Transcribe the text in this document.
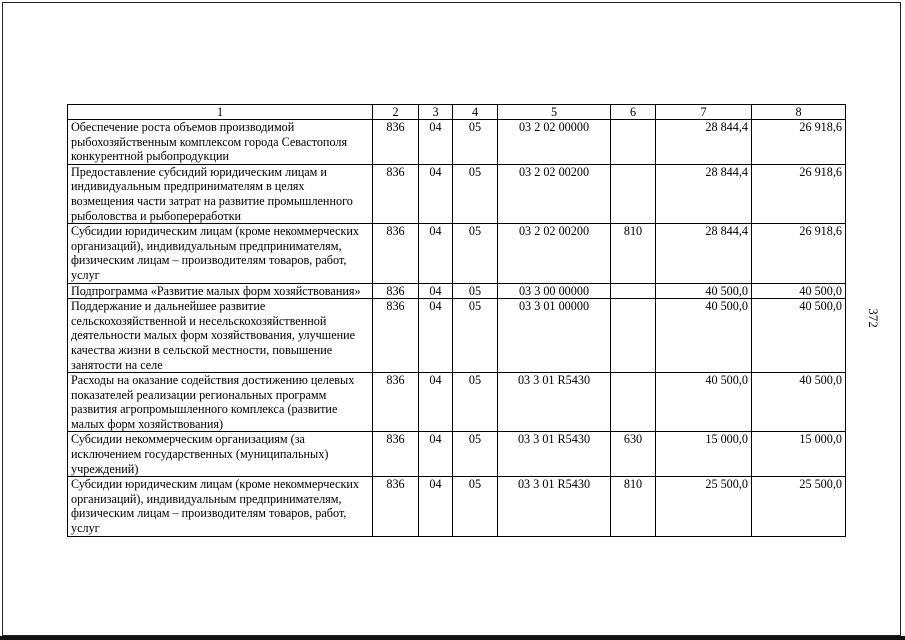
372
1	2	3	4	5	6	7	8
Обеспечение роста объемов производимой рыбохозяйственным комплексом города Севастополя конкурентной рыбопродукции	836	04	05	03 2 02 00000		28 844,4	26 918,6
Предоставление субсидий юридическим лицам и индивидуальным предпринимателям в целях возмещения части затрат на развитие промышленного рыболовства и рыбопереработки	836	04	05	03 2 02 00200		28 844,4	26 918,6
Субсидии юридическим лицам (кроме некоммерческих организаций), индивидуальным предпринимателям, физическим лицам – производителям товаров, работ, услуг	836	04	05	03 2 02 00200	810	28 844,4	26 918,6
Подпрограмма «Развитие малых форм хозяйствования»	836	04	05	03 3 00 00000		40 500,0	40 500,0
Поддержание и дальнейшее развитие сельскохозяйственной и несельскохозяйственной деятельности малых форм хозяйствования, улучшение качества жизни в сельской местности, повышение занятости на селе	836	04	05	03 3 01 00000		40 500,0	40 500,0
Расходы на оказание содействия достижению целевых показателей реализации региональных программ развития агропромышленного комплекса (развитие малых форм хозяйствования)	836	04	05	03 3 01 R5430		40 500,0	40 500,0
Субсидии некоммерческим организациям (за исключением государственных (муниципальных) учреждений)	836	04	05	03 3 01 R5430	630	15 000,0	15 000,0
Субсидии юридическим лицам (кроме некоммерческих организаций), индивидуальным предпринимателям, физическим лицам – производителям товаров, работ, услуг	836	04	05	03 3 01 R5430	810	25 500,0	25 500,0
